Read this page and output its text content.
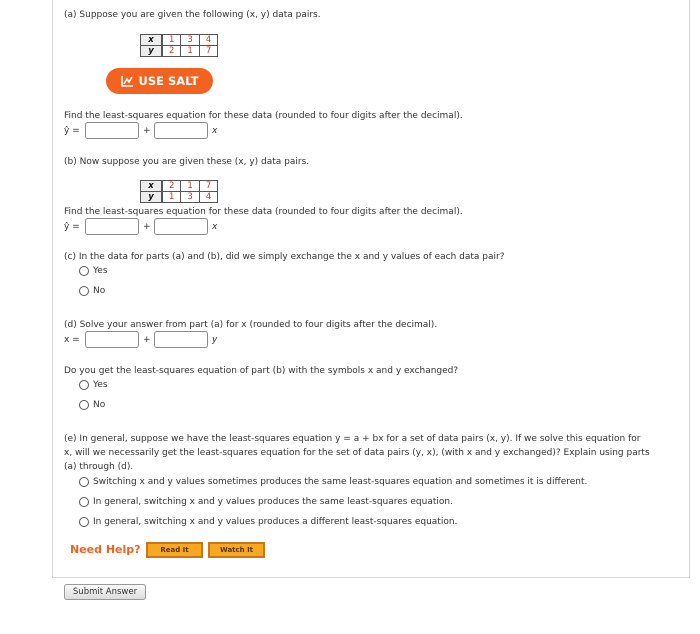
(a) Suppose you are given the following (x, y) data pairs.
x	1	3	4
y	2	1	7
USE SALT
Find the least-squares equation for these data (rounded to four digits after the decimal).
ŷ =	+	x
(b) Now suppose you are given these (x, y) data pairs.
x	2	1	7
y	1	3	4
Find the least-squares equation for these data (rounded to four digits after the decimal).
ŷ =	+	x
(c) In the data for parts (a) and (b), did we simply exchange the x and y values of each data pair?
Yes
No
(d) Solve your answer from part (a) for x (rounded to four digits after the decimal).
x =	+	y
Do you get the least-squares equation of part (b) with the symbols x and y exchanged?
Yes
No
(e) In general, suppose we have the least-squares equation y = a + bx for a set of data pairs (x, y). If we solve this equation for
x, will we necessarily get the least-squares equation for the set of data pairs (y, x), (with x and y exchanged)? Explain using parts
(a) through (d).
Switching x and y values sometimes produces the same least-squares equation and sometimes it is different.
In general, switching x and y values produces the same least-squares equation.
In general, switching x and y values produces a different least-squares equation.
Need Help?	Read It	Watch It
Submit Answer
